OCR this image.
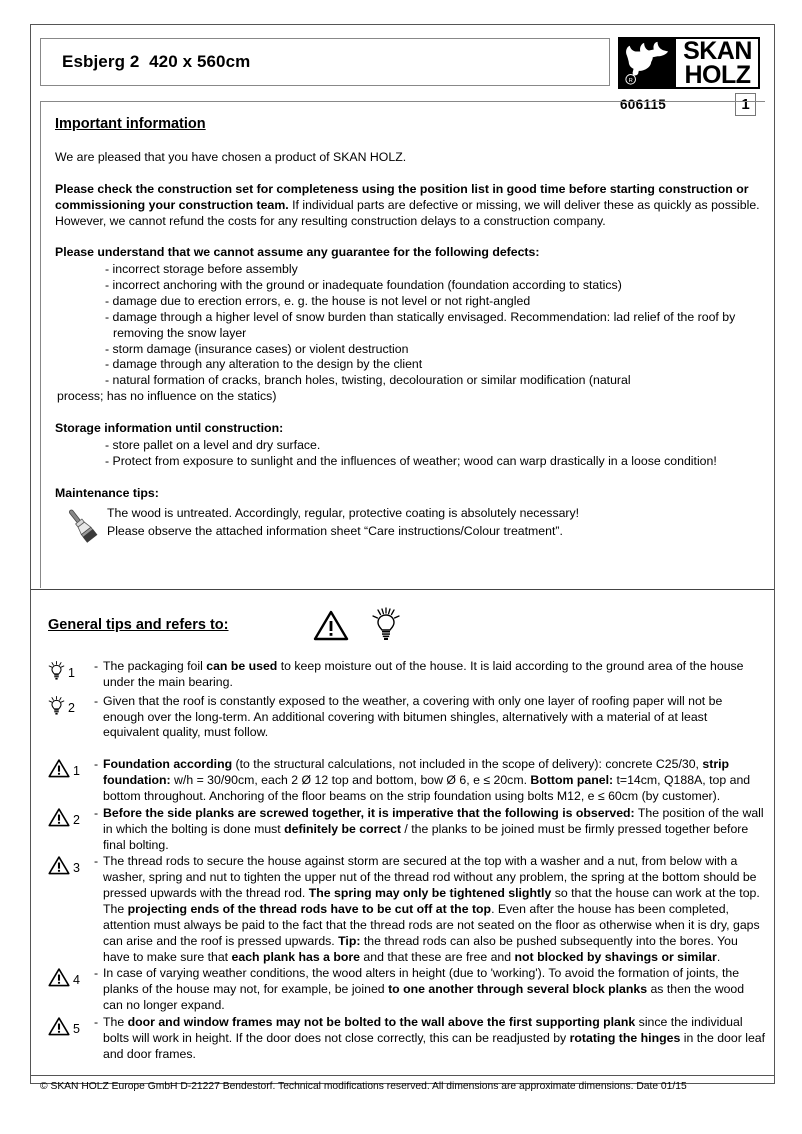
Esbjerg 2  420 x 560cm
R
SKAN
HOLZ
606115	1
Important information

We are pleased that you have chosen a product of SKAN HOLZ.

Please check the construction set for completeness using the position list in good time before starting construction or commissioning your construction team. If individual parts are defective or missing, we will deliver these as quickly as possible. However, we cannot refund the costs for any resulting construction delays to a construction company.

Please understand that we cannot assume any guarantee for the following defects:

- incorrect storage before assembly
- incorrect anchoring with the ground or inadequate foundation (foundation according to statics)
- damage due to erection errors, e. g. the house is not level or not right-angled
- damage through a higher level of snow burden than statically envisaged. Recommendation: lad relief of the roof by removing the snow layer
- storm damage (insurance cases) or violent destruction
- damage through any alteration to the design by the client
- natural formation of cracks, branch holes, twisting, decolouration or similar modification (natural
process; has no influence on the statics)

Storage information until construction:

- store pallet on a level and dry surface.
- Protect from exposure to sunlight and the influences of weather; wood can warp drastically in a loose condition!

Maintenance tips:

The wood is untreated. Accordingly, regular, protective coating is absolutely necessary!
Please observe the attached information sheet “Care instructions/Colour treatment”.
General tips and refers to:
1 - The packaging foil can be used to keep moisture out of the house. It is laid according to the ground area of the house under the main bearing.
2 - Given that the roof is constantly exposed to the weather, a covering with only one layer of roofing paper will not be enough over the long-term. An additional covering with bitumen shingles, alternatively with a material of at least equivalent quality, must follow.
1 - Foundation according (to the structural calculations, not included in the scope of delivery): concrete C25/30, strip foundation: w/h = 30/90cm, each 2 Ø 12 top and bottom, bow Ø 6, e ≤ 20cm. Bottom panel: t=14cm, Q188A, top and bottom throughout. Anchoring of the floor beams on the strip foundation using bolts M12, e ≤ 60cm (by customer).
2 - Before the side planks are screwed together, it is imperative that the following is observed: The position of the wall in which the bolting is done must definitely be correct / the planks to be joined must be firmly pressed together before final bolting.
3 - The thread rods to secure the house against storm are secured at the top with a washer and a nut, from below with a washer, spring and nut to tighten the upper nut of the thread rod without any problem, the spring at the bottom should be pressed upwards with the thread rod. The spring may only be tightened slightly so that the house can work at the top. The projecting ends of the thread rods have to be cut off at the top. Even after the house has been completed, attention must always be paid to the fact that the thread rods are not seated on the floor as otherwise when it is dry, gaps can arise and the roof is pressed upwards. Tip: the thread rods can also be pushed subsequently into the bores. You have to make sure that each plank has a bore and that these are free and not blocked by shavings or similar.
4 - In case of varying weather conditions, the wood alters in height (due to 'working'). To avoid the formation of joints, the planks of the house may not, for example, be joined to one another through several block planks as then the wood can no longer expand.
5 - The door and window frames may not be bolted to the wall above the first supporting plank since the individual bolts will work in height. If the door does not close correctly, this can be readjusted by rotating the hinges in the door leaf and door frames.
© SKAN HOLZ Europe GmbH D-21227 Bendestorf. Technical modifications reserved. All dimensions are approximate dimensions. Date 01/15
